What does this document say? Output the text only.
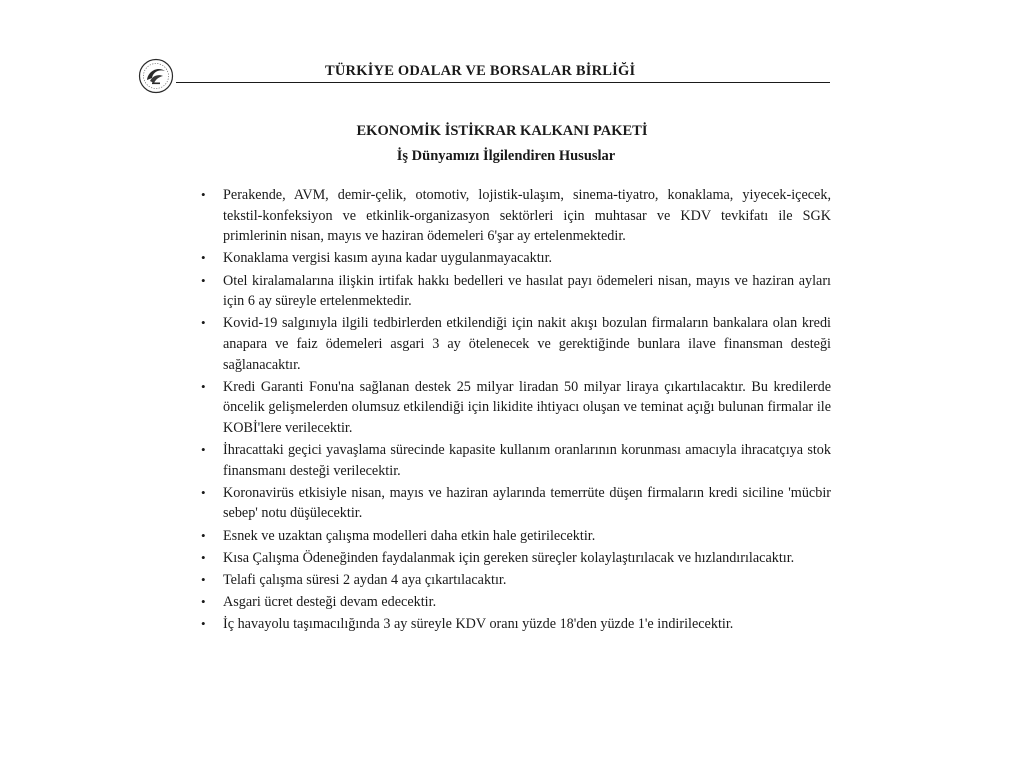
TÜRKİYE ODALAR VE BORSALAR BİRLİĞİ
EKONOMİK İSTİKRAR KALKANI PAKETİ
İş Dünyamızı İlgilendiren Hususlar
• Perakende, AVM, demir-çelik, otomotiv, lojistik-ulaşım, sinema-tiyatro, konaklama, yiyecek-içecek, tekstil-konfeksiyon ve etkinlik-organizasyon sektörleri için muhtasar ve KDV tevkifatı ile SGK primlerinin nisan, mayıs ve haziran ödemeleri 6'şar ay ertelenmektedir.
• Konaklama vergisi kasım ayına kadar uygulanmayacaktır.
• Otel kiralamalarına ilişkin irtifak hakkı bedelleri ve hasılat payı ödemeleri nisan, mayıs ve haziran ayları için 6 ay süreyle ertelenmektedir.
• Kovid-19 salgınıyla ilgili tedbirlerden etkilendiği için nakit akışı bozulan firmaların bankalara olan kredi anapara ve faiz ödemeleri asgari 3 ay ötelenecek ve gerektiğinde bunlara ilave finansman desteği sağlanacaktır.
• Kredi Garanti Fonu'na sağlanan destek 25 milyar liradan 50 milyar liraya çıkartılacaktır. Bu kredilerde öncelik gelişmelerden olumsuz etkilendiği için likidite ihtiyacı oluşan ve teminat açığı bulunan firmalar ile KOBİ'lere verilecektir.
• İhracattaki geçici yavaşlama sürecinde kapasite kullanım oranlarının korunması amacıyla ihracatçıya stok finansmanı desteği verilecektir.
• Koronavirüs etkisiyle nisan, mayıs ve haziran aylarında temerrüte düşen firmaların kredi siciline 'mücbir sebep' notu düşülecektir.
• Esnek ve uzaktan çalışma modelleri daha etkin hale getirilecektir.
• Kısa Çalışma Ödeneğinden faydalanmak için gereken süreçler kolaylaştırılacak ve hızlandırılacaktır.
• Telafi çalışma süresi 2 aydan 4 aya çıkartılacaktır.
• Asgari ücret desteği devam edecektir.
• İç havayolu taşımacılığında 3 ay süreyle KDV oranı yüzde 18'den yüzde 1'e indirilecektir.
